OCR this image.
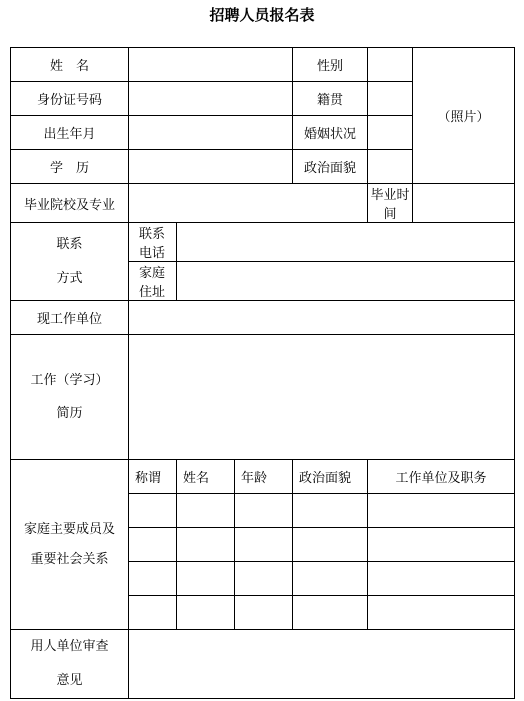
招聘人员报名表
姓　名				性别		（照片）
身份证号码				籍贯		
出生年月				婚姻状况		
学　历				政治面貌		
毕业院校及专业					毕业时间	

联系
方式	联系电话					
	家庭住址					
现工作单位						

工作（学习）
简历						

家庭主要成员及
重要社会关系	称谓	姓名	年龄	政治面貌	工作单位及职务	

用人单位审查
意见						
